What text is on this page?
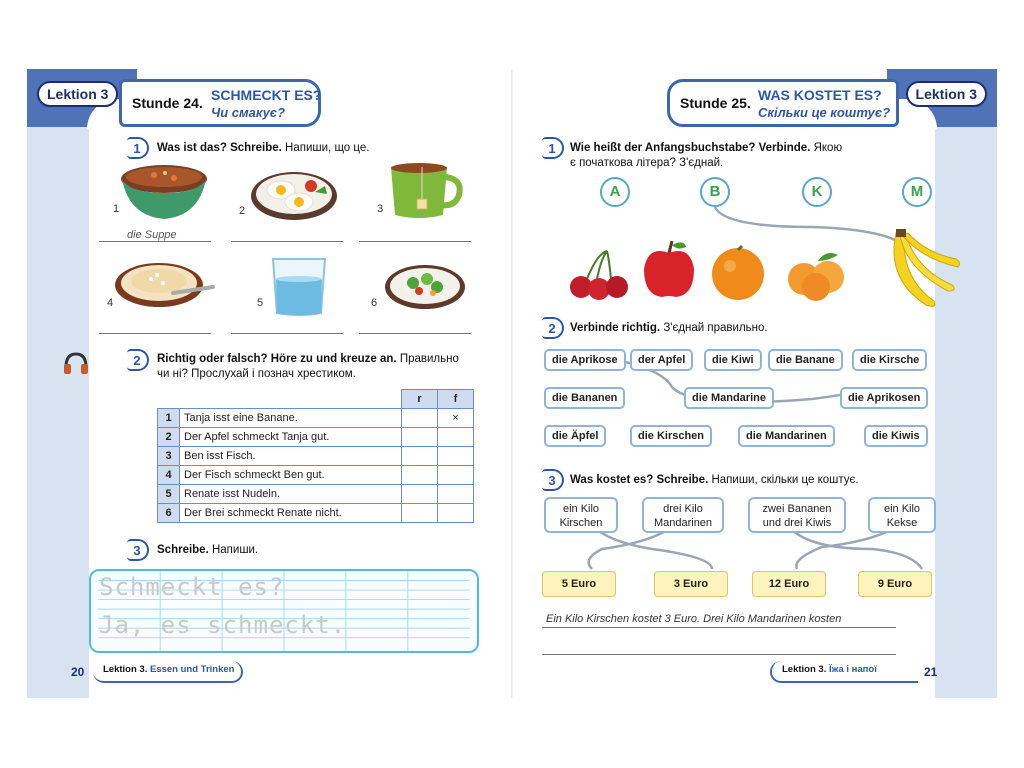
Lektion 3
Stunde 24. SCHMECKT ES?
Чи смакує?
1	Was ist das? Schreibe. Напиши, що це.
1
die Suppe
2	3
4	5	6
2	Richtig oder falsch? Höre zu und kreuze an. Правильно
чи ні? Прослухай і познач хрестиком.
		r	f
1	Tanja isst eine Banane.		×
2	Der Apfel schmeckt Tanja gut.		
3	Ben isst Fisch.		
4	Der Fisch schmeckt Ben gut.		
5	Renate isst Nudeln.		
6	Der Brei schmeckt Renate nicht.		
3	Schreibe. Напиши.
Schmeckt es?
Ja, es schmeckt.
20	Lektion 3. Essen und Trinken
Lektion 3
Stunde 25. WAS KOSTET ES?
Скільки це коштує?
1	Wie heißt der Anfangsbuchstabe? Verbinde. Якою
є початкова літера? З'єднай.
A	B	K	M
2	Verbinde richtig. З'єднай правильно.
die Aprikose	der Apfel	die Kiwi	die Banane	die Kirsche
die Bananen	die Mandarine	die Aprikosen
die Äpfel	die Kirschen	die Mandarinen	die Kiwis
3	Was kostet es? Schreibe. Напиши, скільки це коштує.
ein Kilo
Kirschen
drei Kilo
Mandarinen
zwei Bananen
und drei Kiwis
ein Kilo
Kekse
5 Euro	3 Euro	12 Euro	9 Euro
Ein Kilo Kirschen kostet 3 Euro. Drei Kilo Mandarinen kosten
Lektion 3. Їжа і напої	21
